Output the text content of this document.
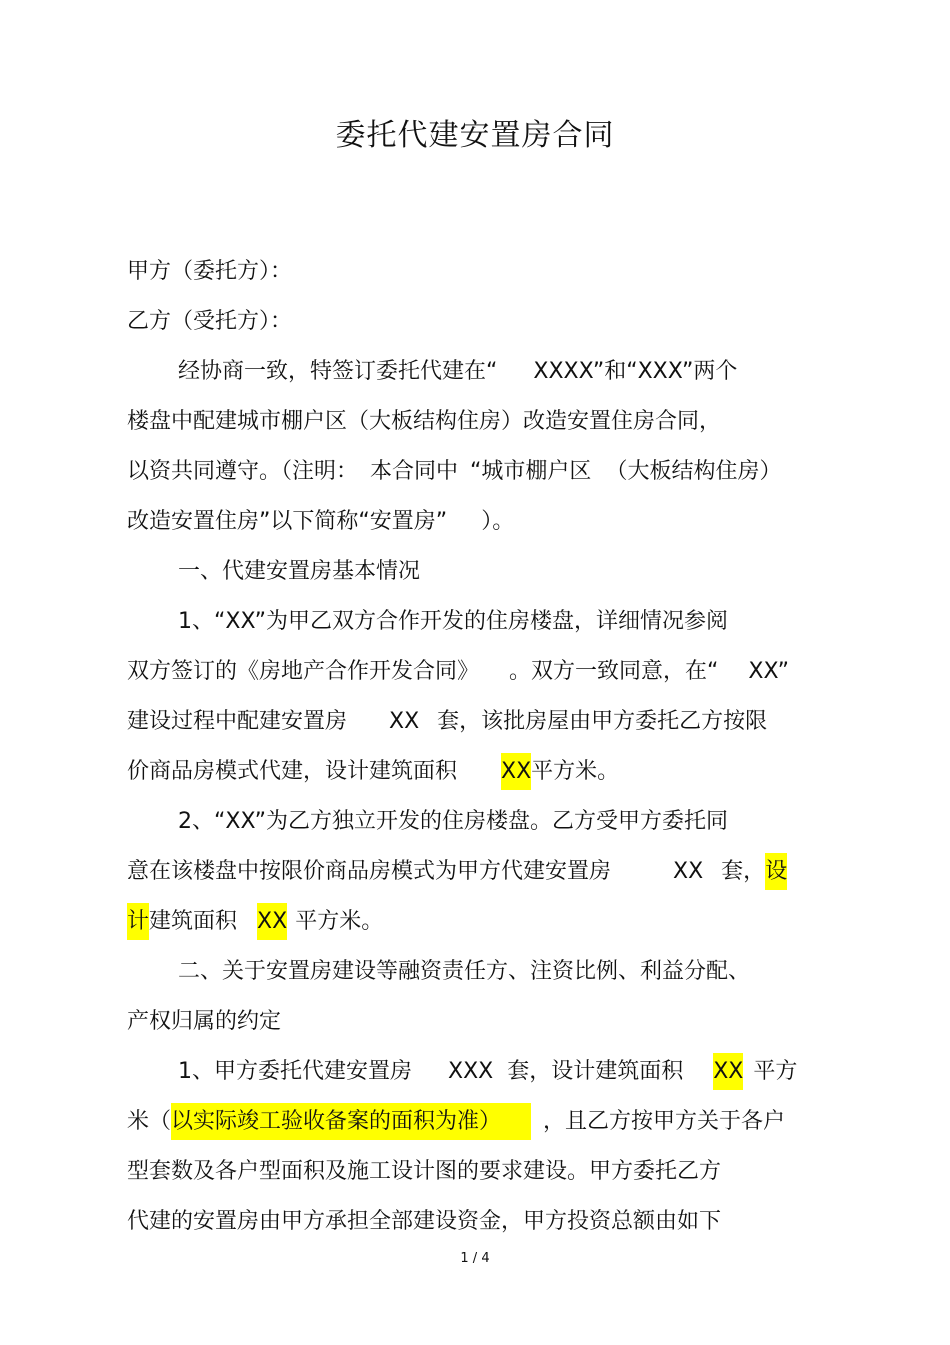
委托代建安置房合同
甲方（委托方）：
乙方（受托方）：
经协商一致，特签订委托代建在“ XXXX”和“XXX”两个
楼盘中配建城市棚户区（大板结构住房）改造安置住房合同，
以资共同遵守。（注明： 本合同中 “城市棚户区 （大板结构住房）
改造安置住房”以下简称“安置房” ）。
一、代建安置房基本情况
1、“XX”为甲乙双方合作开发的住房楼盘，详细情况参阅
双方签订的《房地产合作开发合同》 。双方一致同意，在“ XX”
建设过程中配建安置房 XX 套，该批房屋由甲方委托乙方按限
价商品房模式代建，设计建筑面积 XX平方米。
2、“XX”为乙方独立开发的住房楼盘。乙方受甲方委托同
意在该楼盘中按限价商品房模式为甲方代建安置房	XX 套，设
计建筑面积 XX 平方米。
二、关于安置房建设等融资责任方、注资比例、利益分配、
产权归属的约定
1、甲方委托代建安置房 XXX 套，设计建筑面积 XX 平方
米（以实际竣工验收备案的面积为准） ，且乙方按甲方关于各户
型套数及各户型面积及施工设计图的要求建设。甲方委托乙方
代建的安置房由甲方承担全部建设资金，甲方投资总额由如下
1 / 4
